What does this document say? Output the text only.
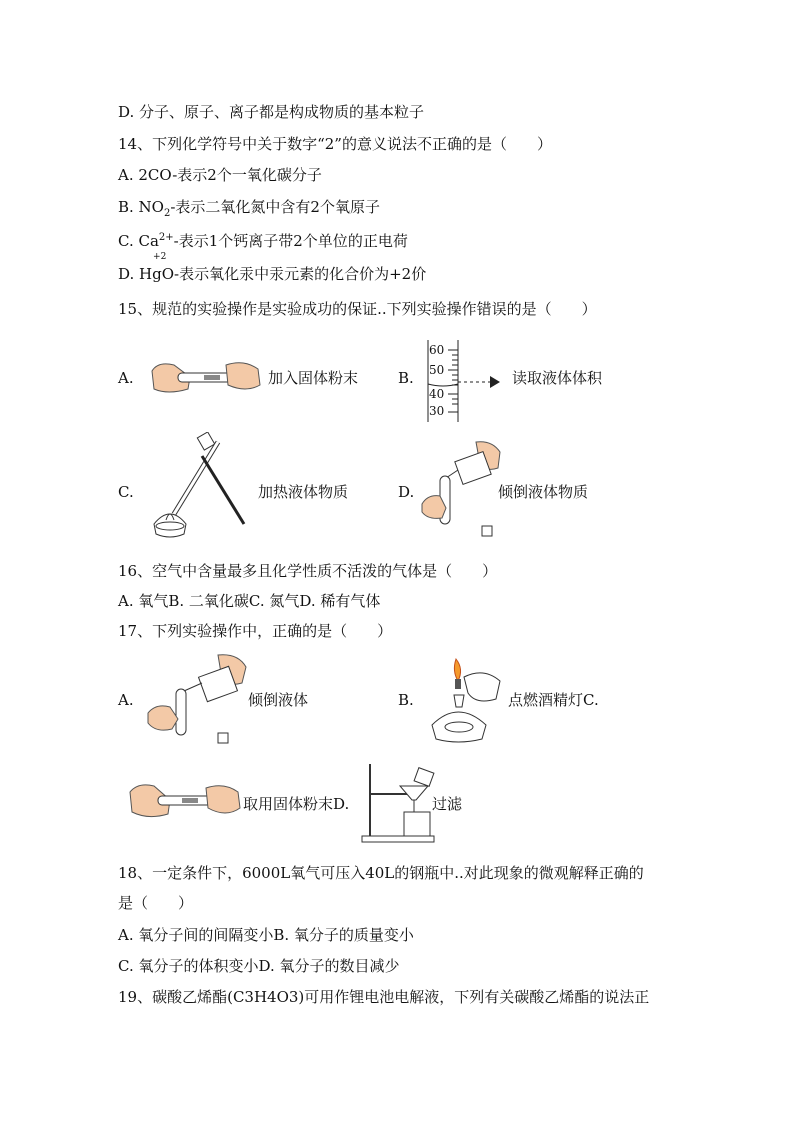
D. 分子、原子、离子都是构成物质的基本粒子
14、下列化学符号中关于数字“2”的意义说法不正确的是（　　）
A. 2CO-表示2个一氧化碳分子
B. $NO_2-$表示二氧化氮中含有2个氧原子
C. $Ca^{2+}-$表示1个钙离子带2个单位的正电荷
D.
+2
HgO-表示氧化汞中汞元素的化合价为+2价
15、规范的实验操作是实验成功的保证..下列实验操作错误的是（　　）
A.	加入固体粉末	B.
60
50
40
30
读取液体体积
C.	加热液体物质	D.	倾倒液体物质
16、空气中含量最多且化学性质不活泼的气体是（　　）
A. 氧气B. 二氧化碳C. 氮气D. 稀有气体
17、下列实验操作中，正确的是（　　）
A.	倾倒液体	B.	点燃酒精灯C.
取用固体粉末D.	过滤
18、一定条件下，6000L氧气可压入40L的钢瓶中..对此现象的微观解释正确的
是（　　）
A. 氧分子间的间隔变小B. 氧分子的质量变小
C. 氧分子的体积变小D. 氧分子的数目减少
19、碳酸乙烯酯(C3H4O3)可用作锂电池电解液，下列有关碳酸乙烯酯的说法正
